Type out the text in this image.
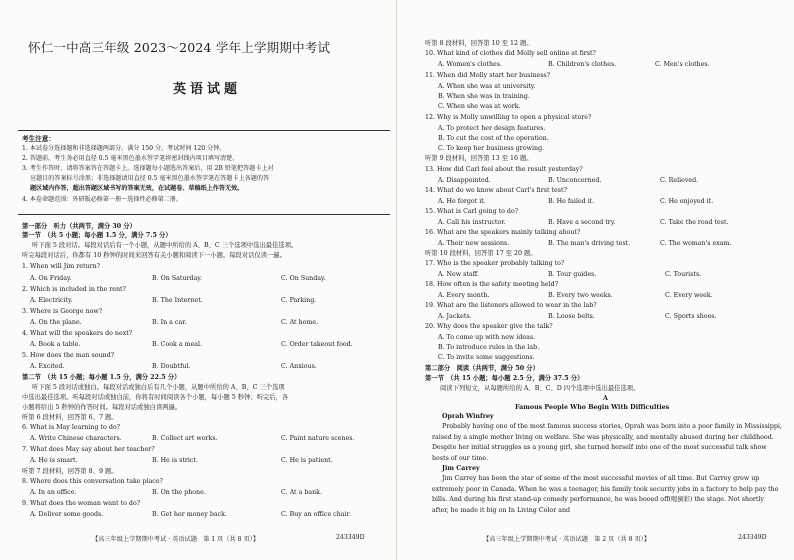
怀仁一中高三年级 2023～2024 学年上学期期中考试
英语试题
考生注意：
1. 本试卷分选择题和非选择题两部分。满分 150 分，考试时间 120 分钟。
2. 答题前，考生务必用直径 0.5 毫米黑色墨水签字笔将密封线内项目填写清楚。
3. 考生作答时，请将答案答在答题卡上。选择题每小题选出答案后，用 2B 铅笔把答题卡上对
应题目的答案标号涂黑；非选择题请用直径 0.5 毫米黑色墨水签字笔在答题卡上各题的答
题区域内作答，超出答题区域书写的答案无效，在试题卷、草稿纸上作答无效。
4. 本卷命题范围：外研版必修第一册～选择性必修第二册。
第一部分　听力（共两节，满分 30 分）
第一节　（共 5 小题；每小题 1.5 分，满分 7.5 分）
听下面 5 段对话。每段对话后有一个小题，从题中所给的 A、B、C 三个选项中选出最佳选项。
听完每段对话后，你都有 10 秒钟的时间来回答有关小题和阅读下一小题。每段对话仅读一遍。
1. When will Jim return?
A. On Friday.	B. On Saturday.	C. On Sunday.
2. Which is included in the rent?
A. Electricity.	B. The Internet.	C. Parking.
3. Where is George now?
A. On the plane.	B. In a car.	C. At home.
4. What will the speakers do next?
A. Book a table.	B. Cook a meal.	C. Order takeout food.
5. How does the man sound?
A. Excited.	B. Doubtful.	C. Anxious.
第二节　（共 15 小题；每小题 1.5 分，满分 22.5 分）
听下面 5 段对话或独白。每段对话或独白后有几个小题，从题中所给的 A、B、C 三个选项
中选出最佳选项。听每段对话或独白前，你将有时间阅读各个小题，每小题 5 秒钟；听完后，各
小题将给出 5 秒钟的作答时间。每段对话或独白读两遍。
听第 6 段材料，回答第 6、7 题。
6. What is May learning to do?
A. Write Chinese characters.	B. Collect art works.	C. Paint nature scenes.
7. What does May say about her teacher?
A. He is smart.	B. He is strict.	C. He is patient.
听第 7 段材料，回答第 8、9 题。
8. Where does this conversation take place?
A. In an office.	B. On the phone.	C. At a bank.
9. What does the woman want to do?
A. Deliver some goods.	B. Get her money back.	C. Buy an office chair.
【高三年级上学期期中考试 · 英语试题　第 1 页（共 8 页）】	243349D
听第 8 段材料，回答第 10 至 12 题。
10. What kind of clothes did Molly sell online at first?
A. Women's clothes.	B. Children's clothes.	C. Men's clothes.
11. When did Molly start her business?
A. When she was at university.
B. When she was in training.
C. When she was at work.
12. Why is Molly unwilling to open a physical store?
A. To protect her design features.
B. To cut the cost of the operation.
C. To keep her business growing.
听第 9 段材料，回答第 13 至 16 题。
13. How did Carl feel about the result yesterday?
A. Disappointed.	B. Unconcerned.	C. Relieved.
14. What do we know about Carl's first test?
A. He forgot it.	B. He failed it.	C. He enjoyed it.
15. What is Carl going to do?
A. Call his instructor.	B. Have a second try.	C. Take the road test.
16. What are the speakers mainly talking about?
A. Their new sessions.	B. The man's driving test.	C. The woman's exam.
听第 10 段材料，回答第 17 至 20 题。
17. Who is the speaker probably talking to?
A. New staff.	B. Tour guides.	C. Tourists.
18. How often is the safety meeting held?
A. Every month.	B. Every two weeks.	C. Every week.
19. What are the listeners allowed to wear in the lab?
A. Jackets.	B. Loose belts.	C. Sports shoes.
20. Why does the speaker give the talk?
A. To come up with new ideas.
B. To introduce rules in the lab.
C. To invite some suggestions.
第二部分　阅读（共两节，满分 50 分）
第一节　（共 15 小题；每小题 2.5 分，满分 37.5 分）
阅读下列短文，从每题所给的 A、B、C、D 四个选项中选出最佳选项。
A
Famous People Who Begin With Difficulties
Oprah Winfrey
Probably having one of the most famous success stories, Oprah was born into a poor family in Mississippi, raised by a single mother living on welfare. She was physically, and mentally abused during her childhood. Despite her initial struggles as a young girl, she turned herself into one of the most successful talk show hosts of our time.
Jim Carrey
Jim Carrey has been the star of some of the most successful movies of all time. But Carrey grew up extremely poor in Canada. When he was a teenager, his family took security jobs in a factory to help pay the bills. And during his first stand-up comedy performance, he was booed off(喝倒彩) the stage. Not shortly after, he made it big on In Living Color and
【高三年级上学期期中考试 · 英语试题　第 2 页（共 8 页）】	243349D
